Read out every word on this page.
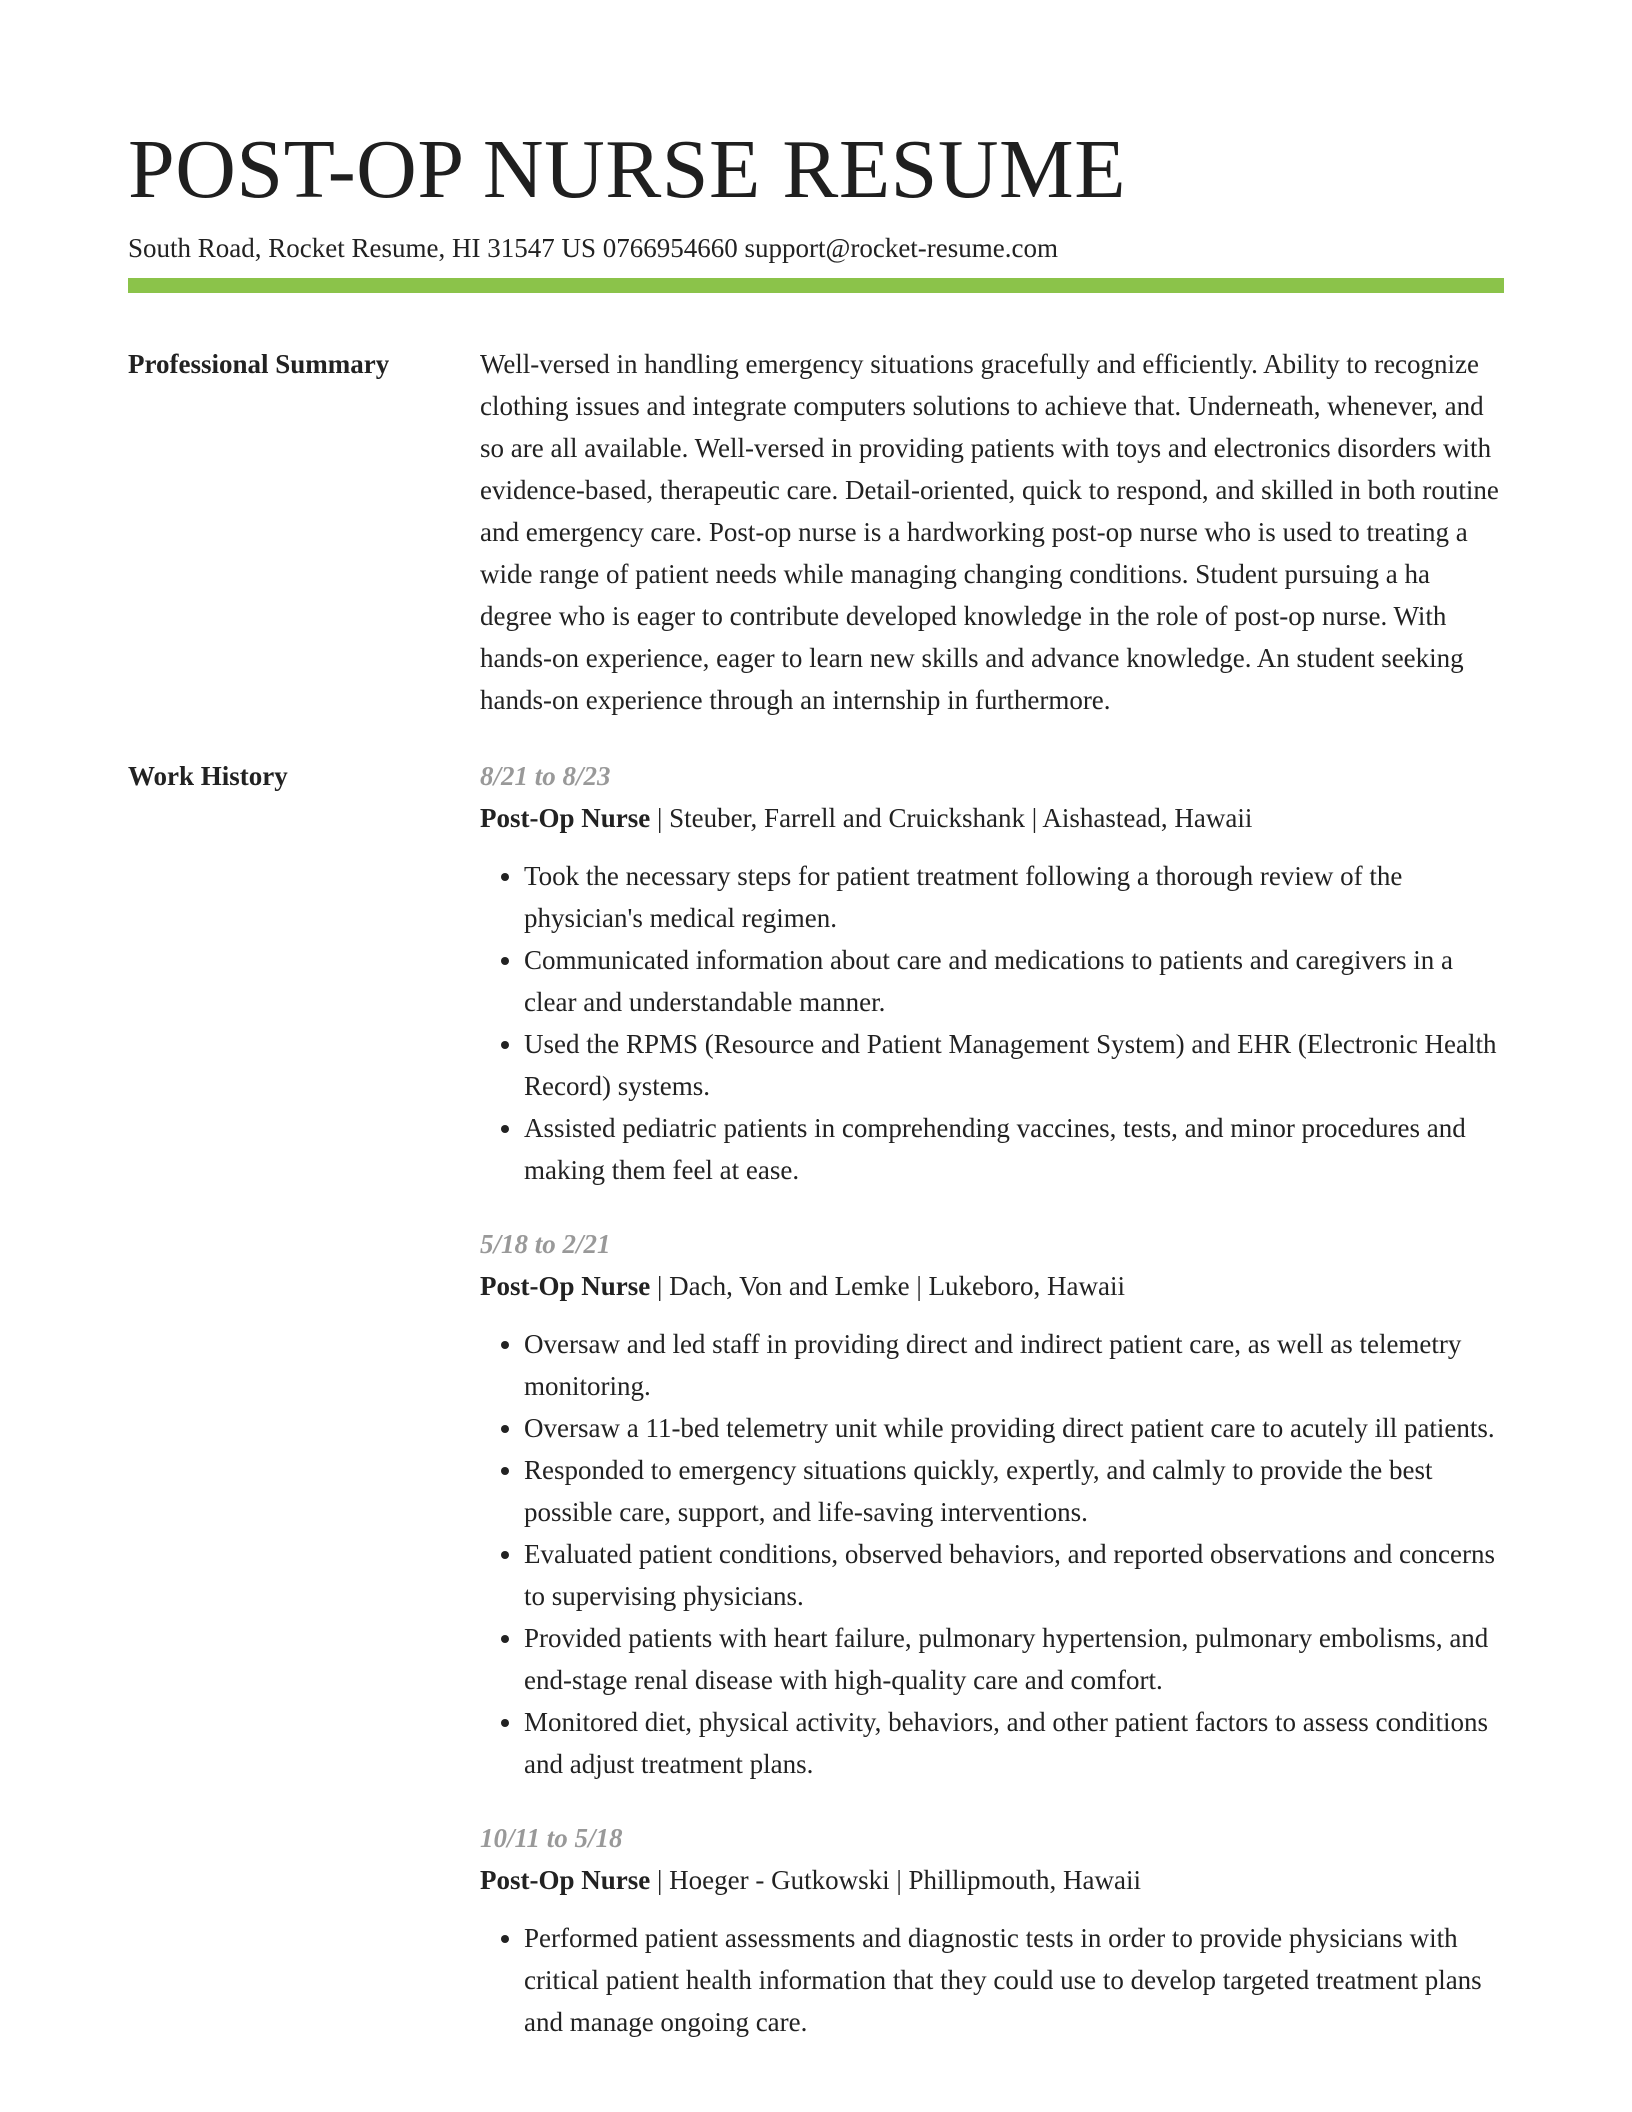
POST-OP NURSE RESUME
South Road, Rocket Resume, HI 31547 US 0766954660 support@rocket-resume.com
Professional Summary	Well-versed in handling emergency situations gracefully and efficiently. Ability to recognize clothing issues and integrate computers solutions to achieve that. Underneath, whenever, and so are all available. Well-versed in providing patients with toys and electronics disorders with evidence-based, therapeutic care. Detail-oriented, quick to respond, and skilled in both routine and emergency care. Post-op nurse is a hardworking post-op nurse who is used to treating a wide range of patient needs while managing changing conditions. Student pursuing a ha degree who is eager to contribute developed knowledge in the role of post-op nurse. With hands-on experience, eager to learn new skills and advance knowledge. An student seeking hands-on experience through an internship in furthermore.

Work History	8/21 to 8/23
Post-Op Nurse | Steuber, Farrell and Cruickshank | Aishastead, Hawaii
• Took the necessary steps for patient treatment following a thorough review of the physician's medical regimen.
• Communicated information about care and medications to patients and caregivers in a clear and understandable manner.
• Used the RPMS (Resource and Patient Management System) and EHR (Electronic Health Record) systems.
• Assisted pediatric patients in comprehending vaccines, tests, and minor procedures and making them feel at ease.
5/18 to 2/21
Post-Op Nurse | Dach, Von and Lemke | Lukeboro, Hawaii
• Oversaw and led staff in providing direct and indirect patient care, as well as telemetry monitoring.
• Oversaw a 11-bed telemetry unit while providing direct patient care to acutely ill patients.
• Responded to emergency situations quickly, expertly, and calmly to provide the best possible care, support, and life-saving interventions.
• Evaluated patient conditions, observed behaviors, and reported observations and concerns to supervising physicians.
• Provided patients with heart failure, pulmonary hypertension, pulmonary embolisms, and end-stage renal disease with high-quality care and comfort.
• Monitored diet, physical activity, behaviors, and other patient factors to assess conditions and adjust treatment plans.
10/11 to 5/18
Post-Op Nurse | Hoeger - Gutkowski | Phillipmouth, Hawaii
• Performed patient assessments and diagnostic tests in order to provide physicians with critical patient health information that they could use to develop targeted treatment plans and manage ongoing care.
